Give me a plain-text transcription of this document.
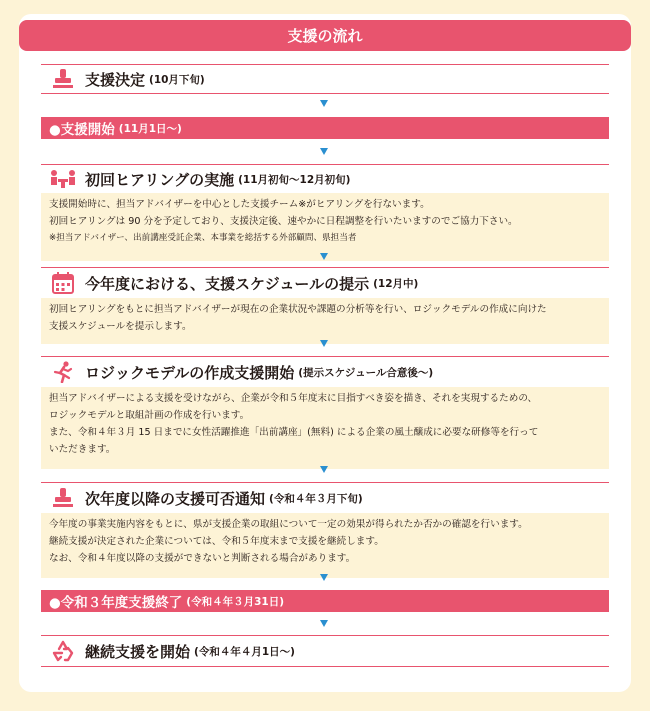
支援の流れ
支援決定 (10月下旬)
●支援開始 (11月1日〜)
初回ヒアリングの実施 (11月初旬〜12月初旬)
支援開始時に、担当アドバイザーを中心とした支援チーム※がヒアリングを行ないます。
初回ヒアリングは 90 分を予定しており、支援決定後、速やかに日程調整を行いたいますのでご協力下さい。
※担当アドバイザー、出前講座受託企業、本事業を総括する外部顧問、県担当者
今年度における、支援スケジュールの提示 (12月中)
初回ヒアリングをもとに担当アドバイザーが現在の企業状況や課題の分析等を行い、ロジックモデルの作成に向けた
支援スケジュールを提示します。
ロジックモデルの作成支援開始 (提示スケジュール合意後〜)
担当アドバイザーによる支援を受けながら、企業が令和５年度末に目指すべき姿を描き、それを実現するための、
ロジックモデルと取組計画の作成を行います。
また、令和４年３月 15 日までに女性活躍推進「出前講座」(無料) による企業の風土醸成に必要な研修等を行って
いただきます。
次年度以降の支援可否通知 (令和４年３月下旬)
今年度の事業実施内容をもとに、県が支援企業の取組について一定の効果が得られたか否かの確認を行います。
継続支援が決定された企業については、令和５年度末まで支援を継続します。
なお、令和４年度以降の支援ができないと判断される場合があります。
●令和３年度支援終了 (令和４年３月31日)
継続支援を開始 (令和４年４月1日〜)
